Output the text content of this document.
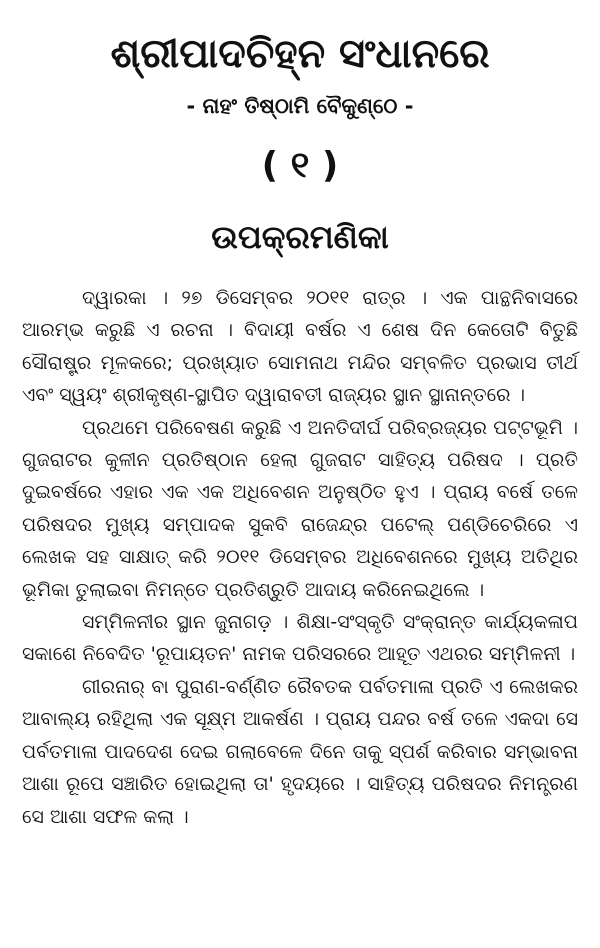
ଶ୍ରୀପାଦଚିହ୍ନ ସଂଧାନରେ
- ନାହଂ ତିଷ୍ଠାମି ବୈକୁଣ୍ଠେ -
( ୧ )
ଉପକ୍ରମଣିକା

ଦ୍ୱାରକା । ୨୭ ଡିସେମ୍ବର ୨୦୧୧ ରାତ୍ର । ଏକ ପାନ୍ଥନିବାସରେ ଆରମ୍ଭ କରୁଛି ଏ ରଚନା । ବିଦାୟୀ ବର୍ଷର ଏ ଶେଷ ଦିନ କେତୋଟି ବିତୁଛି ସୌରାଷ୍ଟ୍ର ମୂଳକରେ; ପ୍ରଖ୍ୟାତ ସୋମନାଥ ମନ୍ଦିର ସମ୍ବଳିତ ପ୍ରଭାସ ତୀର୍ଥ ଏବଂ ସ୍ୱୟଂ ଶ୍ରୀକୃଷ୍ଣ-ସ୍ଥାପିତ ଦ୍ୱାରାବତୀ ରାଜ୍ୟର ସ୍ଥାନ ସ୍ଥାନାନ୍ତରେ ।

ପ୍ରଥମେ ପରିବେଷଣ କରୁଛି ଏ ଅନତିଦୀର୍ଘ ପରିବ୍ରଜ୍ୟର ପଟ୍ଟଭୂମି । ଗୁଜରାଟର କୁଳୀନ ପ୍ରତିଷ୍ଠାନ ହେଲା ଗୁଜରାଟ ସାହିତ୍ୟ ପରିଷଦ । ପ୍ରତି ଦୁଇବର୍ଷରେ ଏହାର ଏକ ଏକ ଅଧିବେଶନ ଅନୁଷ୍ଠିତ ହୁଏ । ପ୍ରାୟ ବର୍ଷେ ତଳେ ପରିଷଦର ମୁଖ୍ୟ ସମ୍ପାଦକ ସୁକବି ରାଜେନ୍ଦ୍ର ପଟେଲ୍ ପଣ୍ଡିଚେରିରେ ଏ ଲେଖକ ସହ ସାକ୍ଷାତ୍ କରି ୨୦୧୧ ଡିସେମ୍ବର ଅଧିବେଶନରେ ମୁଖ୍ୟ ଅତିଥିର ଭୂମିକା ତୁଲାଇବା ନିମନ୍ତେ ପ୍ରତିଶ୍ରୁତି ଆଦାୟ କରିନେଇଥିଲେ ।

ସମ୍ମିଳନୀର ସ୍ଥାନ ଜୁନାଗଡ଼ । ଶିକ୍ଷା-ସଂସ୍କୃତି ସଂକ୍ରାନ୍ତ କାର୍ଯ୍ୟକଳାପ ସକାଶେ ନିବେଦିତ 'ରୂପାୟତନ' ନାମକ ପରିସରରେ ଆହୂତ ଏଥରର ସମ୍ମିଳନୀ ।

ଗୀରନାର୍ ବା ପୁରାଣ-ବର୍ଣ୍ଣିତ ରୈବତକ ପର୍ବତମାଳା ପ୍ରତି ଏ ଲେଖକର ଆବାଲ୍ୟ ରହିଥିଲା ଏକ ସୂକ୍ଷ୍ମ ଆକର୍ଷଣ । ପ୍ରାୟ ପନ୍ଦର ବର୍ଷ ତଳେ ଏକଦା ସେ ପର୍ବତମାଳା ପାଦଦେଶ ଦେଇ ଗଲାବେଳେ ଦିନେ ତାକୁ ସ୍ପର୍ଶ କରିବାର ସମ୍ଭାବନା ଆଶା ରୂପେ ସଞ୍ଚାରିତ ହୋଇଥିଲା ତା' ହୃଦୟରେ । ସାହିତ୍ୟ ପରିଷଦର ନିମନ୍ତ୍ରଣ ସେ ଆଶା ସଫଳ କଲା ।
